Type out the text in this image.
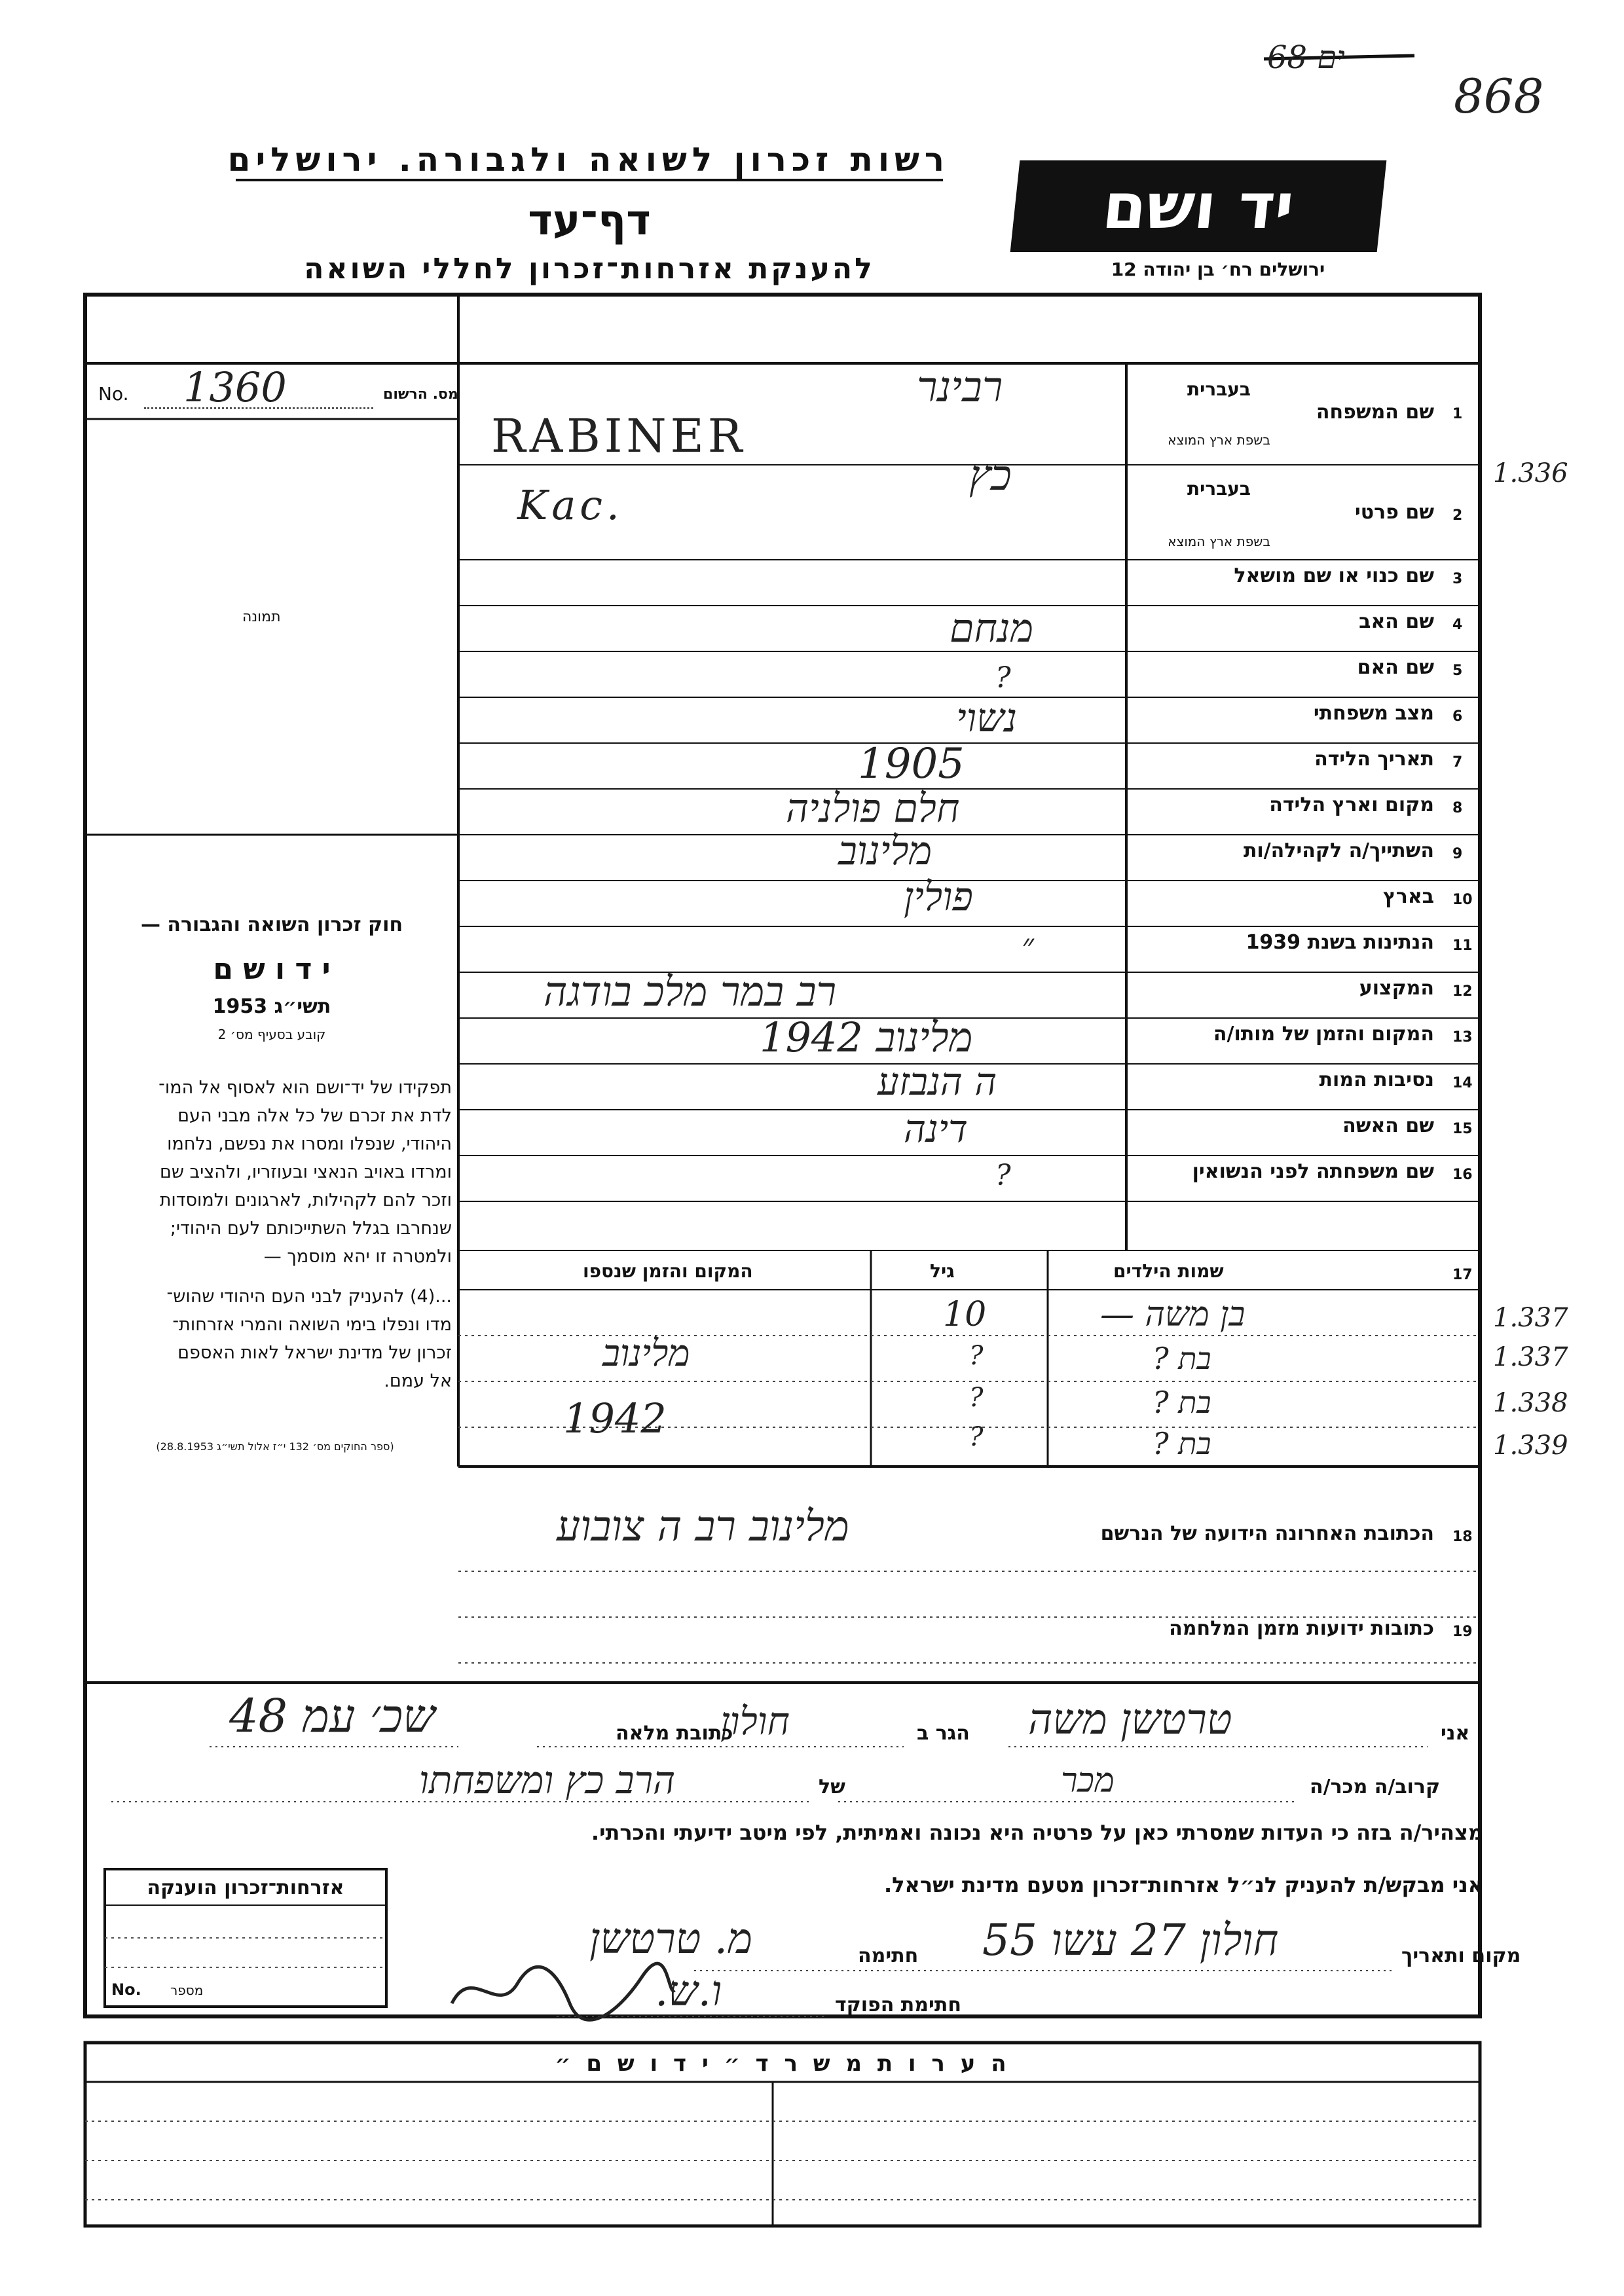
68 ים
868
1.336
1.337
1.337
1.338
1.339
רשות זכרון לשואה ולגבורה. ירושלים
דף־עד
להענקת אזרחות־זכרון לחללי השואה
יד ושם
ירושלים רח׳ בן יהודה 12
No. 1360	מס. הרשום
תמונה
חוק זכרון השואה והגבורה —
י ד ו ש ם
תשי״ג 1953
קובע בסעיף מס׳ 2
תפקידו של יד־ושם הוא לאסוף אל המו־
לדת את זכרם של כל אלה מבני העם
היהודי, שנפלו ומסרו את נפשם, נלחמו
ומרדו באויב הנאצי ובעוזריו, ולהציב שם
וזכר להם לקהילות, לארגונים ולמוסדות
שנחרבו בגלל השתייכותם לעם היהודי;
ולמטרה זו יהא מוסמך —
...(4) להעניק לבני העם היהודי שהוש־
מדו ונפלו בימי השואה והמרי אזרחות־
זכרון של מדינת ישראל לאות האספם
אל עמם.
(ספר החוקים מס׳ 132 י״ז אלול תשי״ג 28.8.1953)
1
שם המשפחה
בעברית
בשפת ארץ המוצא
רבינר
RABINER
2
שם פרטי
בעברית
בשפת ארץ המוצא
כץ
Kac.
3
שם כנוי או שם מושאל
4
שם האב
מנחם
5
שם האם
?
6
מצב משפחתי
נשוי
7
תאריך הלידה
1905
8
מקום וארץ הלידה
חלם פולניה
9
השתייך/ה לקהילה/ות
מלינוב
10
בארץ
פולין
11
הנתינות בשנת 1939
״
12
המקצוע
רב במר מלכ בודגה
13
המקום והזמן של מותו/ה
מלינוב 1942
14
נסיבות המות
ה הנבזע
15
שם האשה
דינה
16
שם משפחתה לפני הנשואין
?
17
שמות הילדים
גיל
המקום והזמן שנספו
בן משה —
10
בת ?
?
מלינוב
בת ?
?
בת ?
?
1942
18
הכתובת האחרונה הידועה של הנרשם
מלינוב רב ה צובוע
19
כתובות ידועות מזמן המלחמה
אני
טרטשן משה
הגר ב
חולון
כתובת מלאה
שכ׳ עמ 48
קרוב/ה מכר/ה
מכר
של
הרב כץ ומשפחתו
מצהיר/ה בזה כי העדות שמסרתי כאן על פרטיה היא נכונה ואמיתית, לפי מיטב ידיעתי והכרתי.
אני מבקש/ת להעניק לנ״ל אזרחות־זכרון מטעם מדינת ישראל.
מקום ותאריך
חולון 27 עשו 55
חתימה
מ. טרטשן
חתימת הפוקד
ו.ש.
אזרחות־זכרון הוענקה
No. מספר
ה ע ר ו ת מ ש ר ד ״ י ד ו ש ם ״
